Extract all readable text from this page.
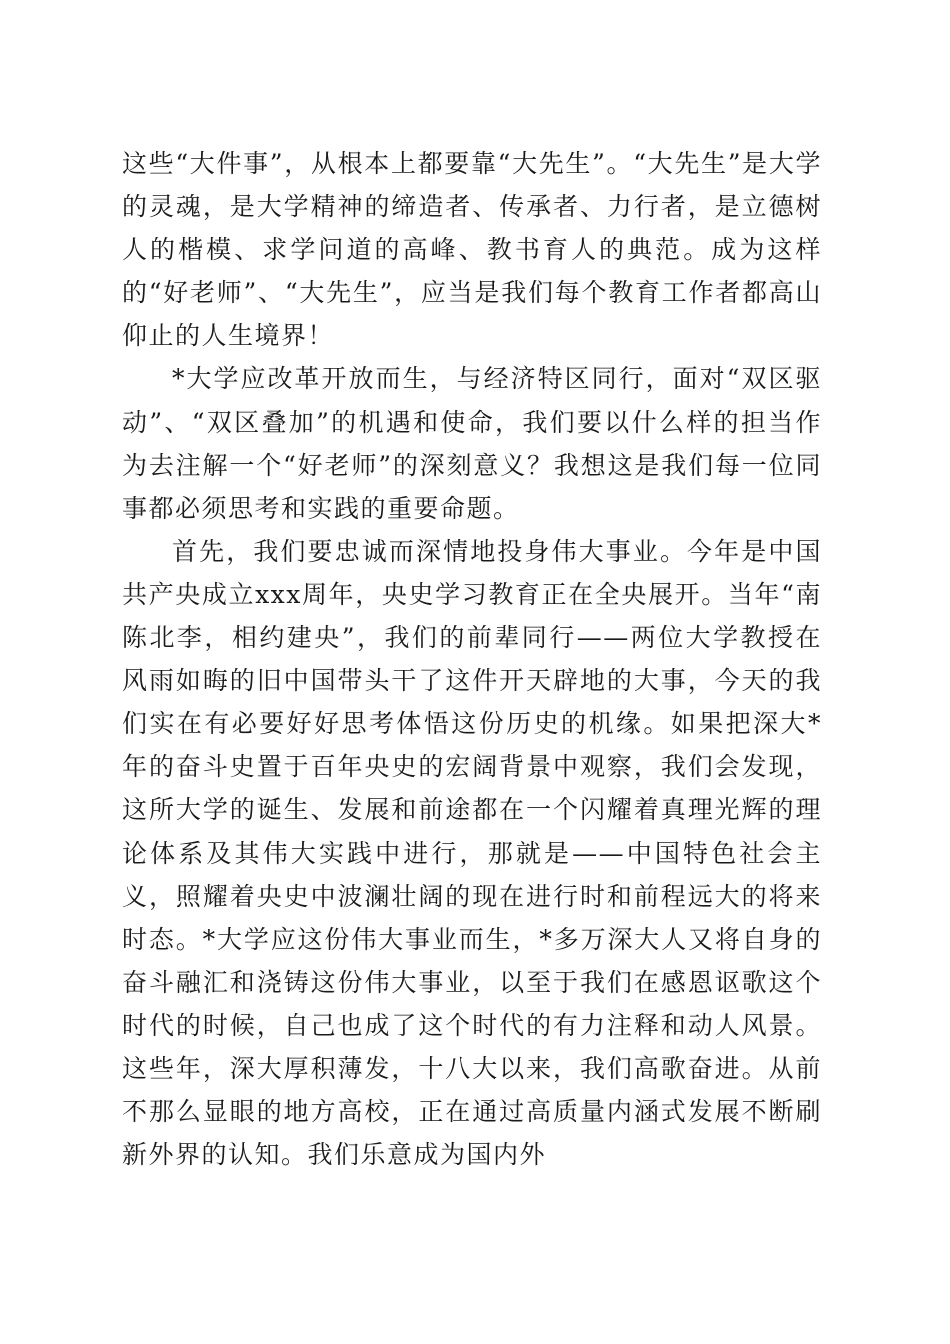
这些“大件事”，从根本上都要靠“大先生”。“大先生”是大学的灵魂，是大学精神的缔造者、传承者、力行者，是立德树人的楷模、求学问道的高峰、教书育人的典范。成为这样的“好老师”、“大先生”，应当是我们每个教育工作者都高山仰止的人生境界！

*大学应改革开放而生，与经济特区同行，面对“双区驱动”、“双区叠加”的机遇和使命，我们要以什么样的担当作为去注解一个“好老师”的深刻意义？我想这是我们每一位同事都必须思考和实践的重要命题。

首先，我们要忠诚而深情地投身伟大事业。今年是中国共产央成立xxx周年，央史学习教育正在全央展开。当年“南陈北李，相约建央”，我们的前辈同行——两位大学教授在风雨如晦的旧中国带头干了这件开天辟地的大事，今天的我们实在有必要好好思考体悟这份历史的机缘。如果把深大*年的奋斗史置于百年央史的宏阔背景中观察，我们会发现，这所大学的诞生、发展和前途都在一个闪耀着真理光辉的理论体系及其伟大实践中进行，那就是——中国特色社会主义，照耀着央史中波澜壮阔的现在进行时和前程远大的将来时态。*大学应这份伟大事业而生，*多万深大人又将自身的奋斗融汇和浇铸这份伟大事业，以至于我们在感恩讴歌这个时代的时候，自己也成了这个时代的有力注释和动人风景。这些年，深大厚积薄发，十八大以来，我们高歌奋进。从前不那么显眼的地方高校，正在通过高质量内涵式发展不断刷新外界的认知。我们乐意成为国内外
